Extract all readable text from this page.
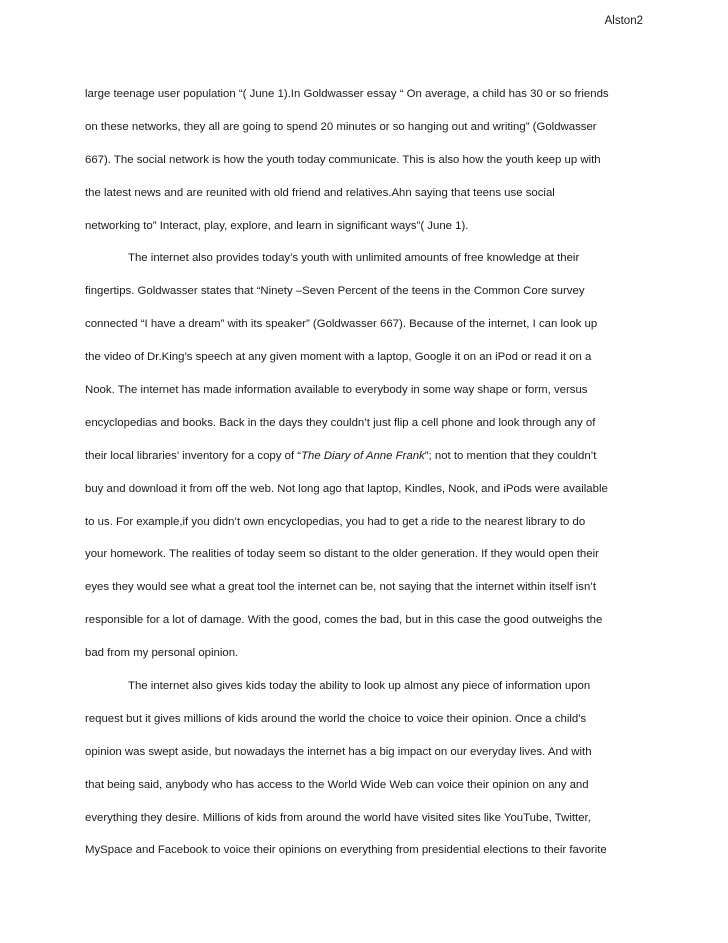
Alston2
large teenage user population “( June 1).In Goldwasser essay “ On average, a child has 30 or so friends
on these networks, they all are going to spend 20 minutes or so hanging out and writing” (Goldwasser
667). The social network is how the youth today communicate. This is also how the youth keep up with
the latest news and are reunited with old friend and relatives.Ahn saying that teens use social
networking to” Interact, play, explore, and learn in significant ways”( June 1).
The internet also provides today’s youth with unlimited amounts of free knowledge at their
fingertips. Goldwasser states that “Ninety –Seven Percent of the teens in the Common Core survey
connected “I have a dream” with its speaker” (Goldwasser 667). Because of the internet, I can look up
the video of Dr.King’s speech at any given moment with a laptop, Google it on an iPod or read it on a
Nook. The internet has made information available to everybody in some way shape or form, versus
encyclopedias and books. Back in the days they couldn’t just flip a cell phone and look through any of
their local libraries’ inventory for a copy of “The Diary of Anne Frank”; not to mention that they couldn’t
buy and download it from off the web. Not long ago that laptop, Kindles, Nook, and iPods were available
to us. For example,if you didn’t own encyclopedias, you had to get a ride to the nearest library to do
your homework. The realities of today seem so distant to the older generation. If they would open their
eyes they would see what a great tool the internet can be, not saying that the internet within itself isn’t
responsible for a lot of damage. With the good, comes the bad, but in this case the good outweighs the
bad from my personal opinion.
The internet also gives kids today the ability to look up almost any piece of information upon
request but it gives millions of kids around the world the choice to voice their opinion. Once a child’s
opinion was swept aside, but nowadays the internet has a big impact on our everyday lives. And with
that being said, anybody who has access to the World Wide Web can voice their opinion on any and
everything they desire. Millions of kids from around the world have visited sites like YouTube, Twitter,
MySpace and Facebook to voice their opinions on everything from presidential elections to their favorite
